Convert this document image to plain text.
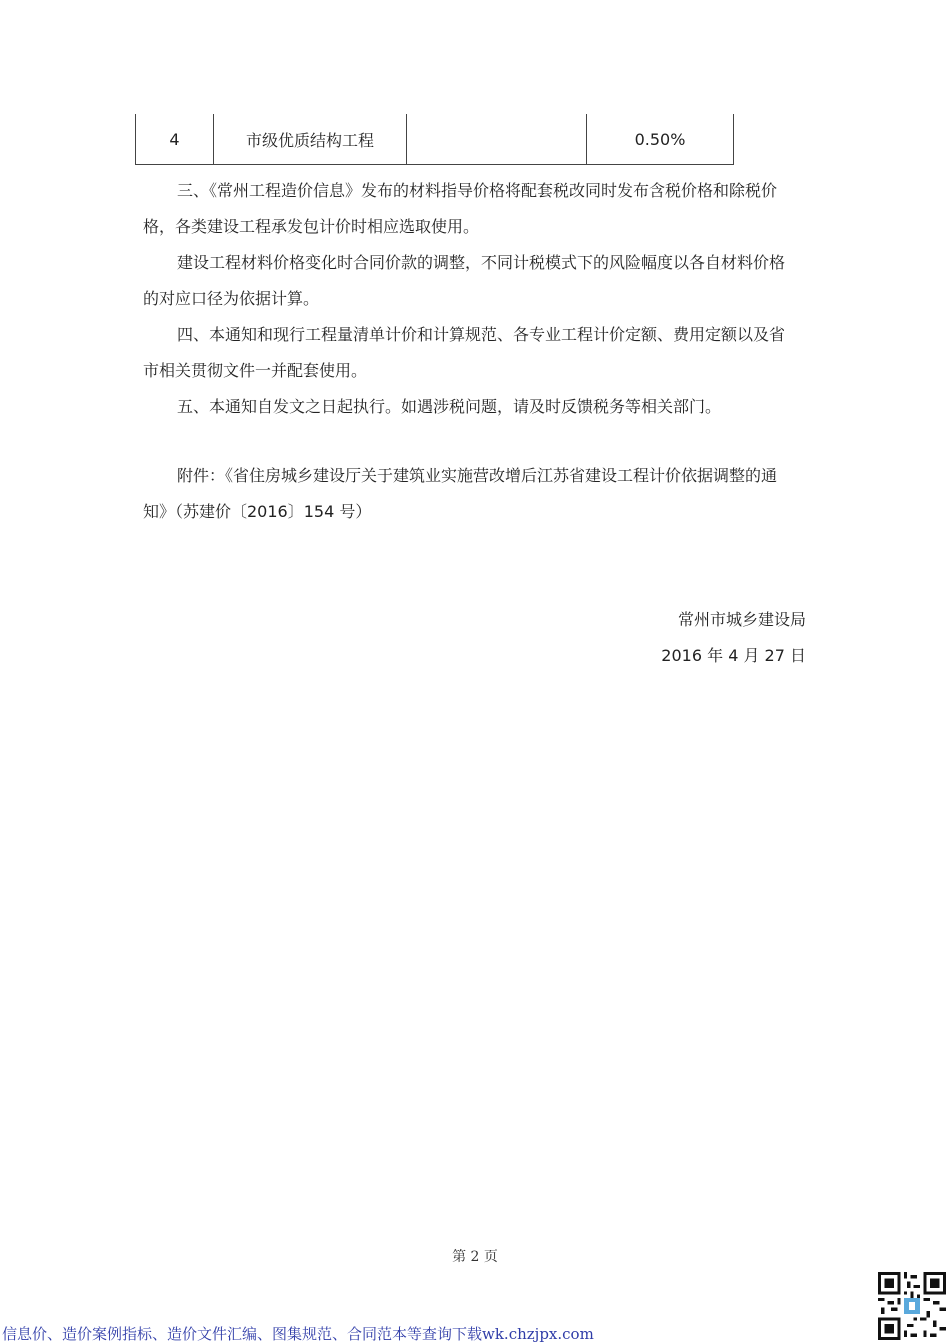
4	市级优质结构工程		0.50%
三、《常州工程造价信息》发布的材料指导价格将配套税改同时发布含税价格和除税价
格，各类建设工程承发包计价时相应选取使用。
建设工程材料价格变化时合同价款的调整，不同计税模式下的风险幅度以各自材料价格
的对应口径为依据计算。
四、本通知和现行工程量清单计价和计算规范、各专业工程计价定额、费用定额以及省
市相关贯彻文件一并配套使用。
五、本通知自发文之日起执行。如遇涉税问题，请及时反馈税务等相关部门。
附件：《省住房城乡建设厅关于建筑业实施营改增后江苏省建设工程计价依据调整的通
知》（苏建价〔2016〕154 号）
常州市城乡建设局
2016 年 4 月 27 日
第 2 页
信息价、造价案例指标、造价文件汇编、图集规范、合同范本等查询下载wk.chzjpx.com
